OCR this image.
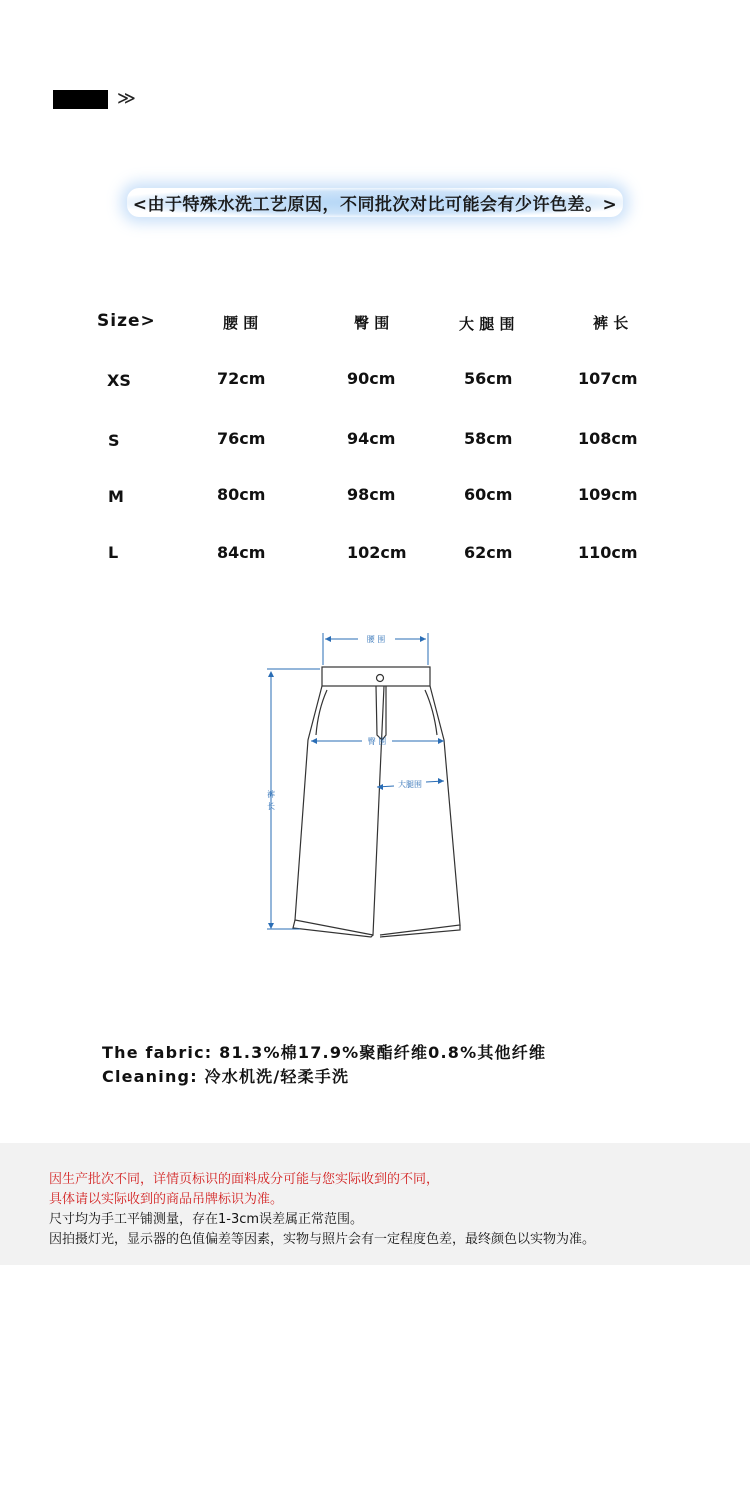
≫
<由于特殊水洗工艺原因，不同批次对比可能会有少许色差。>
Size>	腰 围	臀 围	大 腿 围	裤 长
XS	72cm	90cm	56cm	107cm
S	76cm	94cm	58cm	108cm
M	80cm	98cm	60cm	109cm
L	84cm	102cm	62cm	110cm
腰 围
臀 围
大腿围
裤
长
The fabric: 81.3%棉17.9%聚酯纤维0.8%其他纤维
Cleaning: 冷水机洗/轻柔手洗
因生产批次不同，详情页标识的面料成分可能与您实际收到的不同，
具体请以实际收到的商品吊牌标识为准。
尺寸均为手工平铺测量，存在1-3cm误差属正常范围。
因拍摄灯光，显示器的色值偏差等因素，实物与照片会有一定程度色差，最终颜色以实物为准。
